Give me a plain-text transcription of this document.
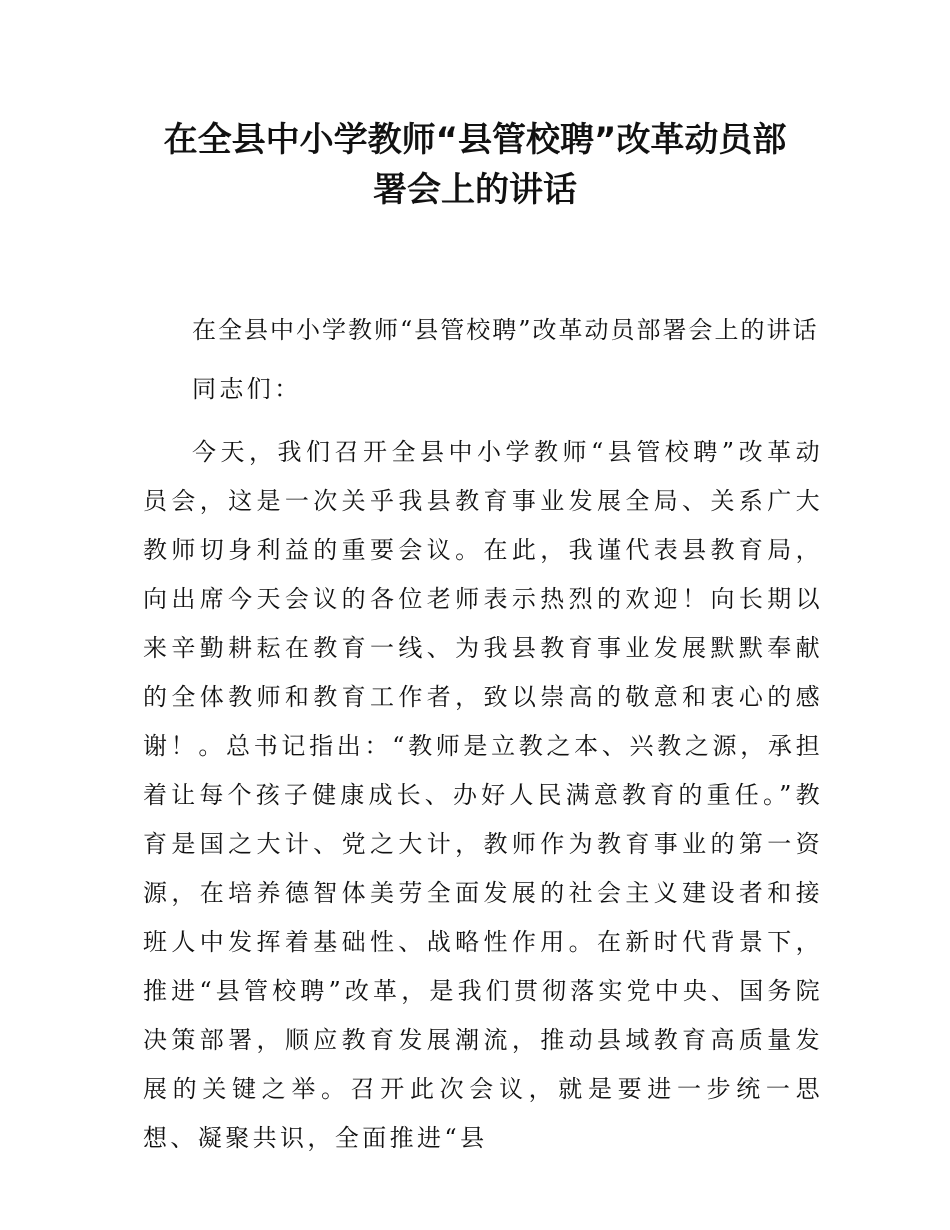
在全县中小学教师“县管校聘”改革动员部
署会上的讲话
在全县中小学教师“县管校聘”改革动员部署会上的讲话
同志们：
今天，我们召开全县中小学教师“县管校聘”改革动员会，这是一次关乎我县教育事业发展全局、关系广大教师切身利益的重要会议。在此，我谨代表县教育局，向出席今天会议的各位老师表示热烈的欢迎！向长期以来辛勤耕耘在教育一线、为我县教育事业发展默默奉献的全体教师和教育工作者，致以崇高的敬意和衷心的感谢！。总书记指出：“教师是立教之本、兴教之源，承担着让每个孩子健康成长、办好人民满意教育的重任。”教育是国之大计、党之大计，教师作为教育事业的第一资源，在培养德智体美劳全面发展的社会主义建设者和接班人中发挥着基础性、战略性作用。在新时代背景下，推进“县管校聘”改革，是我们贯彻落实党中央、国务院决策部署，顺应教育发展潮流，推动县域教育高质量发展的关键之举。召开此次会议，就是要进一步统一思想、凝聚共识，全面推进“县
